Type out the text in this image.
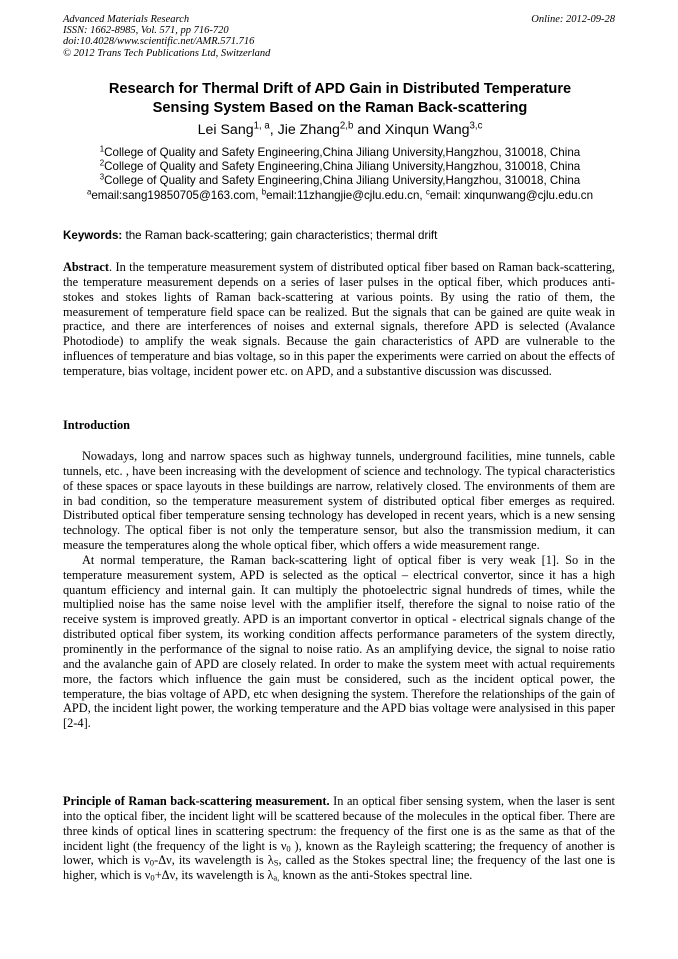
Advanced Materials Research
ISSN: 1662-8985, Vol. 571, pp 716-720
doi:10.4028/www.scientific.net/AMR.571.716
© 2012 Trans Tech Publications Ltd, Switzerland
Online: 2012-09-28
Research for Thermal Drift of APD Gain in Distributed Temperature
Sensing System Based on the Raman Back-scattering
Lei Sang$^{1, a}$, Jie Zhang$^{2,b}$ and Xinqun Wang$^{3,c}$
$^1$College of Quality and Safety Engineering,China Jiliang University,Hangzhou, 310018, China
$^2$College of Quality and Safety Engineering,China Jiliang University,Hangzhou, 310018, China
$^3$College of Quality and Safety Engineering,China Jiliang University,Hangzhou, 310018, China
$^a$email:sang19850705@163.com, $^b$email:11zhangjie@cjlu.edu.cn, $^c$email: xinqunwang@cjlu.edu.cn
Keywords: the Raman back-scattering; gain characteristics; thermal drift

Abstract. In the temperature measurement system of distributed optical fiber based on Raman back-scattering, the temperature measurement depends on a series of laser pulses in the optical fiber, which produces anti-stokes and stokes lights of Raman back-scattering at various points. By using the ratio of them, the measurement of temperature field space can be realized. But the signals that can be gained are quite weak in practice, and there are interferences of noises and external signals, therefore APD is selected (Avalance Photodiode) to amplify the weak signals. Because the gain characteristics of APD are vulnerable to the influences of temperature and bias voltage, so in this paper the experiments were carried on about the effects of temperature, bias voltage, incident power etc. on APD, and a substantive discussion was discussed.

Introduction

Nowadays, long and narrow spaces such as highway tunnels, underground facilities, mine tunnels, cable tunnels, etc. , have been increasing with the development of science and technology. The typical characteristics of these spaces or space layouts in these buildings are narrow, relatively closed. The environments of them are in bad condition, so the temperature measurement system of distributed optical fiber emerges as required. Distributed optical fiber temperature sensing technology has developed in recent years, which is a new sensing technology. The optical fiber is not only the temperature sensor, but also the transmission medium, it can measure the temperatures along the whole optical fiber, which offers a wide measurement range.

At normal temperature, the Raman back-scattering light of optical fiber is very weak [1]. So in the temperature measurement system, APD is selected as the optical – electrical convertor, since it has a high quantum efficiency and internal gain. It can multiply the photoelectric signal hundreds of times, while the multiplied noise has the same noise level with the amplifier itself, therefore the signal to noise ratio of the receive system is improved greatly. APD is an important convertor in optical - electrical signals change of the distributed optical fiber system, its working condition affects performance parameters of the system directly, prominently in the performance of the signal to noise ratio. As an amplifying device, the signal to noise ratio and the avalanche gain of APD are closely related. In order to make the system meet with actual requirements more, the factors which influence the gain must be considered, such as the incident optical power, the temperature, the bias voltage of APD, etc when designing the system. Therefore the relationships of the gain of APD, the incident light power, the working temperature and the APD bias voltage were analysised in this paper [2-4].

Principle of Raman back-scattering measurement. In an optical fiber sensing system, when the laser is sent into the optical fiber, the incident light will be scattered because of the molecules in the optical fiber. There are three kinds of optical lines in scattering spectrum: the frequency of the first one is as the same as that of the incident light (the frequency of the light is $\nu_0$ ), known as the Rayleigh scattering; the frequency of another is lower, which is $\nu_0-\Delta\nu$, its wavelength is $\lambda_S$, called as the Stokes spectral line; the frequency of the last one is higher, which is $\nu_0+\Delta\nu$, its wavelength is $\lambda_{a,}$ known as the anti-Stokes spectral line.
